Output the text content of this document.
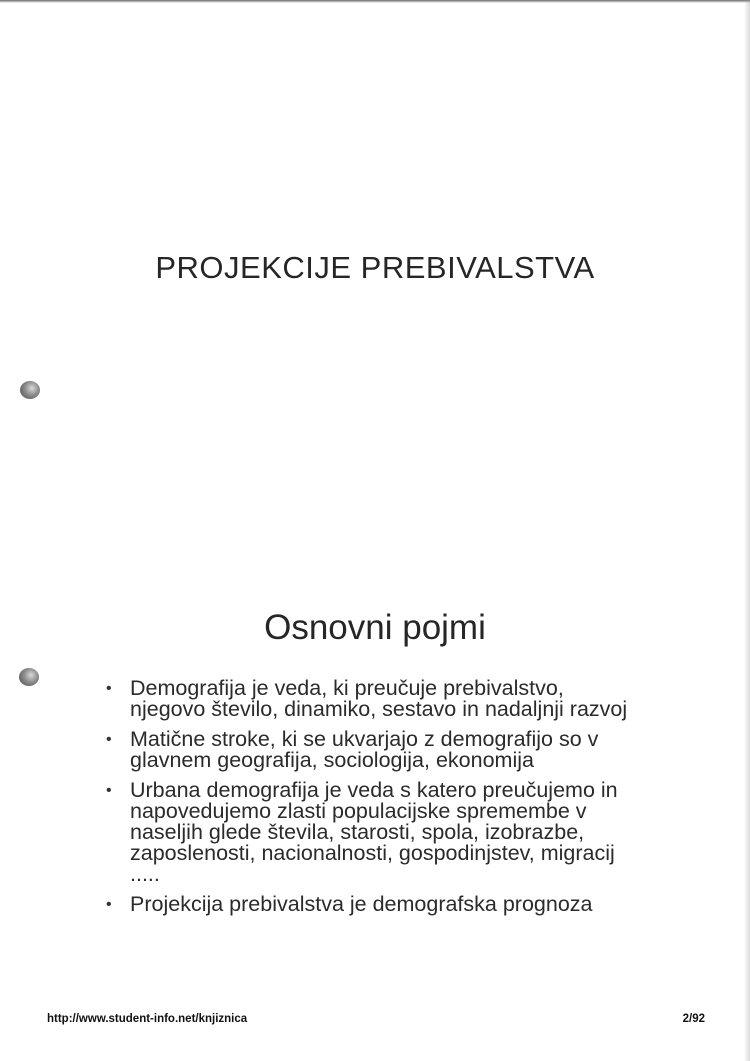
PROJEKCIJE PREBIVALSTVA
Osnovni pojmi
• Demografija je veda, ki preučuje prebivalstvo, njegovo število, dinamiko, sestavo in nadaljnji razvoj
• Matične stroke, ki se ukvarjajo z demografijo so v glavnem geografija, sociologija, ekonomija
• Urbana demografija je veda s katero preučujemo in napovedujemo zlasti populacijske spremembe v naseljih glede števila, starosti, spola, izobrazbe, zaposlenosti, nacionalnosti, gospodinjstev, migracij .....
• Projekcija prebivalstva je demografska prognoza
http://www.student-info.net/knjiznica	2/92
